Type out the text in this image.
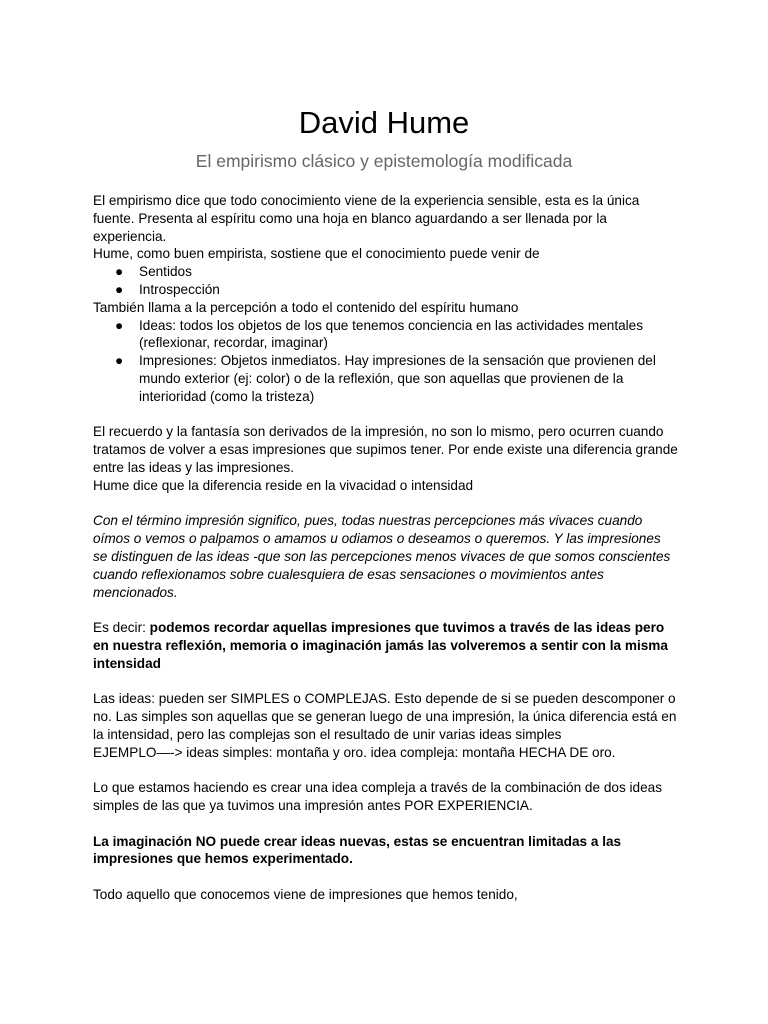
David Hume
El empirismo clásico y epistemología modificada

El empirismo dice que todo conocimiento viene de la experiencia sensible, esta es la única fuente. Presenta al espíritu como una hoja en blanco aguardando a ser llenada por la experiencia.

Hume, como buen empirista, sostiene que el conocimiento puede venir de

● Sentidos
● Introspección

También llama a la percepción a todo el contenido del espíritu humano

● Ideas: todos los objetos de los que tenemos conciencia en las actividades mentales (reflexionar, recordar, imaginar)
● Impresiones: Objetos inmediatos. Hay impresiones de la sensación que provienen del mundo exterior (ej: color) o de la reflexión, que son aquellas que provienen de la interioridad (como la tristeza)

El recuerdo y la fantasía son derivados de la impresión, no son lo mismo, pero ocurren cuando tratamos de volver a esas impresiones que supimos tener. Por ende existe una diferencia grande entre las ideas y las impresiones.

Hume dice que la diferencia reside en la vivacidad o intensidad

Con el término impresión significo, pues, todas nuestras percepciones más vivaces cuando oímos o vemos o palpamos o amamos u odiamos o deseamos o queremos. Y las impresiones se distinguen de las ideas -que son las percepciones menos vivaces de que somos conscientes cuando reflexionamos sobre cualesquiera de esas sensaciones o movimientos antes mencionados.

Es decir: podemos recordar aquellas impresiones que tuvimos a través de las ideas pero en nuestra reflexión, memoria o imaginación jamás las volveremos a sentir con la misma intensidad

Las ideas: pueden ser SIMPLES o COMPLEJAS. Esto depende de si se pueden descomponer o no. Las simples son aquellas que se generan luego de una impresión, la única diferencia está en la intensidad, pero las complejas son el resultado de unir varias ideas simples

EJEMPLO—-> ideas simples: montaña y oro. idea compleja: montaña HECHA DE oro.

Lo que estamos haciendo es crear una idea compleja a través de la combinación de dos ideas simples de las que ya tuvimos una impresión antes POR EXPERIENCIA.

La imaginación NO puede crear ideas nuevas, estas se encuentran limitadas a las impresiones que hemos experimentado.

Todo aquello que conocemos viene de impresiones que hemos tenido,
